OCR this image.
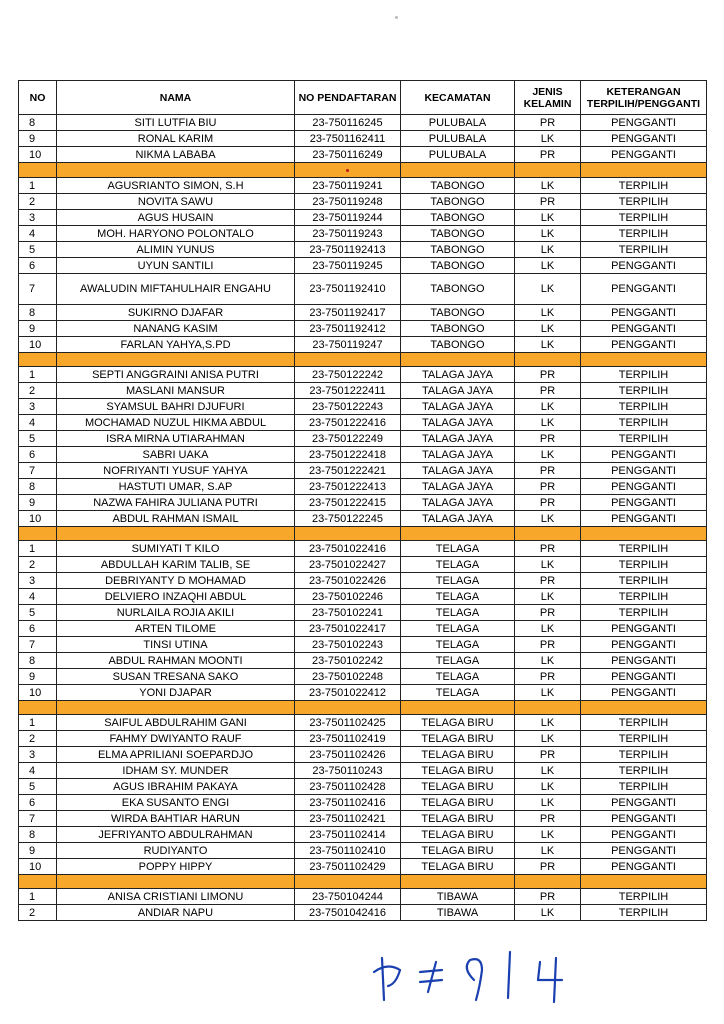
NO	NAMA	NO PENDAFTARAN	KECAMATAN	JENIS KELAMIN	KETERANGAN TERPILIH/PENGGANTI
8	SITI LUTFIA BIU	23-750116245	PULUBALA	PR	PENGGANTI
9	RONAL KARIM	23-7501162411	PULUBALA	LK	PENGGANTI
10	NIKMA LABABA	23-750116249	PULUBALA	PR	PENGGANTI

1	AGUSRIANTO SIMON, S.H	23-750119241	TABONGO	LK	TERPILIH
2	NOVITA SAWU	23-750119248	TABONGO	PR	TERPILIH
3	AGUS HUSAIN	23-750119244	TABONGO	LK	TERPILIH
4	MOH. HARYONO POLONTALO	23-750119243	TABONGO	LK	TERPILIH
5	ALIMIN YUNUS	23-7501192413	TABONGO	LK	TERPILIH
6	UYUN SANTILI	23-750119245	TABONGO	LK	PENGGANTI
7	AWALUDIN MIFTAHULHAIR ENGAHU	23-7501192410	TABONGO	LK	PENGGANTI
8	SUKIRNO DJAFAR	23-7501192417	TABONGO	LK	PENGGANTI
9	NANANG KASIM	23-7501192412	TABONGO	LK	PENGGANTI
10	FARLAN YAHYA,S.PD	23-750119247	TABONGO	LK	PENGGANTI

1	SEPTI ANGGRAINI ANISA PUTRI	23-750122242	TALAGA JAYA	PR	TERPILIH
2	MASLANI MANSUR	23-7501222411	TALAGA JAYA	PR	TERPILIH
3	SYAMSUL BAHRI DJUFURI	23-750122243	TALAGA JAYA	LK	TERPILIH
4	MOCHAMAD NUZUL HIKMA ABDUL	23-7501222416	TALAGA JAYA	LK	TERPILIH
5	ISRA MIRNA UTIARAHMAN	23-750122249	TALAGA JAYA	PR	TERPILIH
6	SABRI UAKA	23-7501222418	TALAGA JAYA	LK	PENGGANTI
7	NOFRIYANTI YUSUF YAHYA	23-7501222421	TALAGA JAYA	PR	PENGGANTI
8	HASTUTI UMAR, S.AP	23-7501222413	TALAGA JAYA	PR	PENGGANTI
9	NAZWA FAHIRA JULIANA PUTRI	23-7501222415	TALAGA JAYA	PR	PENGGANTI
10	ABDUL RAHMAN ISMAIL	23-750122245	TALAGA JAYA	LK	PENGGANTI

1	SUMIYATI T KILO	23-7501022416	TELAGA	PR	TERPILIH
2	ABDULLAH KARIM TALIB, SE	23-7501022427	TELAGA	LK	TERPILIH
3	DEBRIYANTY D MOHAMAD	23-7501022426	TELAGA	PR	TERPILIH
4	DELVIERO INZAQHI ABDUL	23-750102246	TELAGA	LK	TERPILIH
5	NURLAILA ROJIA AKILI	23-750102241	TELAGA	PR	TERPILIH
6	ARTEN TILOME	23-7501022417	TELAGA	LK	PENGGANTI
7	TINSI UTINA	23-750102243	TELAGA	PR	PENGGANTI
8	ABDUL RAHMAN MOONTI	23-750102242	TELAGA	LK	PENGGANTI
9	SUSAN TRESANA SAKO	23-750102248	TELAGA	PR	PENGGANTI
10	YONI DJAPAR	23-7501022412	TELAGA	LK	PENGGANTI

1	SAIFUL ABDULRAHIM GANI	23-7501102425	TELAGA BIRU	LK	TERPILIH
2	FAHMY DWIYANTO RAUF	23-7501102419	TELAGA BIRU	LK	TERPILIH
3	ELMA APRILIANI SOEPARDJO	23-7501102426	TELAGA BIRU	PR	TERPILIH
4	IDHAM SY. MUNDER	23-750110243	TELAGA BIRU	LK	TERPILIH
5	AGUS IBRAHIM PAKAYA	23-7501102428	TELAGA BIRU	LK	TERPILIH
6	EKA SUSANTO ENGI	23-7501102416	TELAGA BIRU	LK	PENGGANTI
7	WIRDA BAHTIAR HARUN	23-7501102421	TELAGA BIRU	PR	PENGGANTI
8	JEFRIYANTO ABDULRAHMAN	23-7501102414	TELAGA BIRU	LK	PENGGANTI
9	RUDIYANTO	23-7501102410	TELAGA BIRU	LK	PENGGANTI
10	POPPY HIPPY	23-7501102429	TELAGA BIRU	PR	PENGGANTI

1	ANISA CRISTIANI LIMONU	23-750104244	TIBAWA	PR	TERPILIH
2	ANDIAR NAPU	23-7501042416	TIBAWA	LK	TERPILIH
